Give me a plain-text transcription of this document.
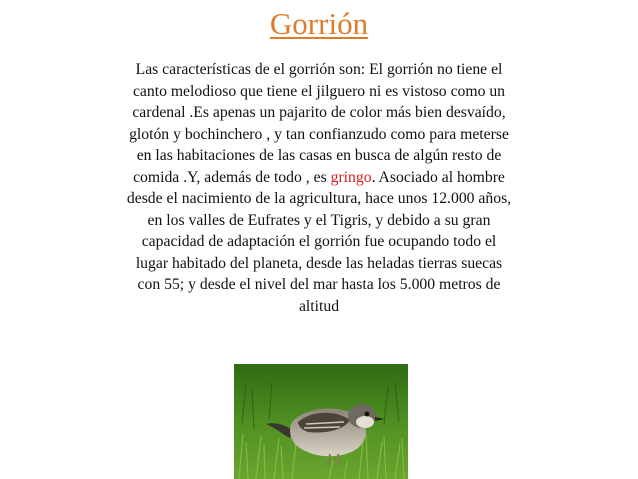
Gorrión
Las características de el gorrión son: El gorrión no tiene el
canto melodioso que tiene el jilguero ni es vistoso como un
cardenal .Es apenas un pajarito de color más bien desvaído,
glotón y bochinchero , y tan confianzudo como para meterse
en las habitaciones de las casas en busca de algún resto de
comida .Y, además de todo , es gringo. Asociado al hombre
desde el nacimiento de la agricultura, hace unos 12.000 años,
en los valles de Eufrates y el Tigris, y debido a su gran
capacidad de adaptación el gorrión fue ocupando todo el
lugar habitado del planeta, desde las heladas tierras suecas
con 55; y desde el nivel del mar hasta los 5.000 metros de
altitud
